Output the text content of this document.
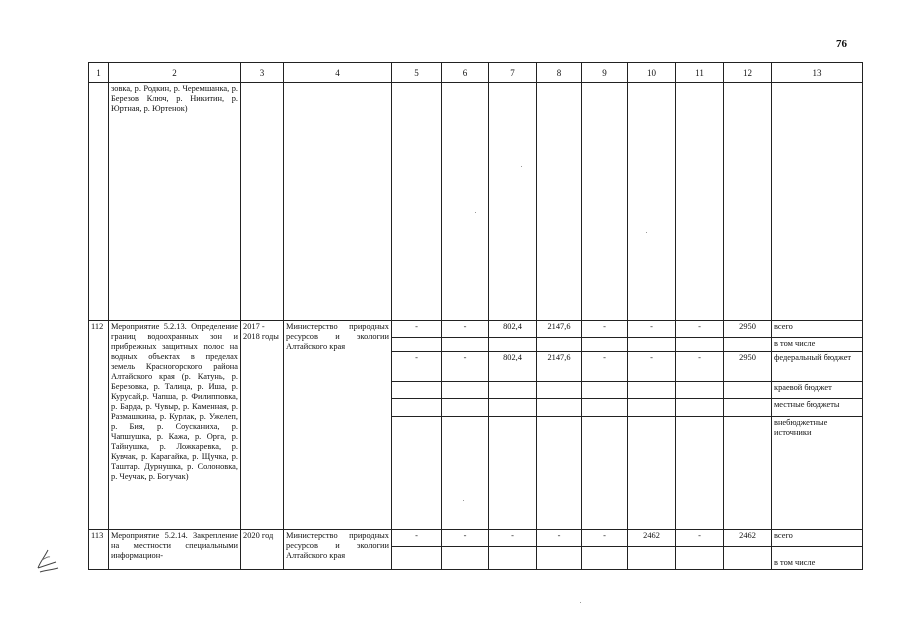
76
1	2	3	4	5	6	7	8	9	10	11	12	13
	зовка, р. Родкин, р. Черемшанка, р. Березов Ключ, р. Никитин, р. Юртная, р. Юртенок)											
112	Мероприятие 5.2.13. Определение границ водоохранных зон и прибрежных защитных полос на водных объектах в пределах земель Красногорского района Алтайского края (р. Катунь, р. Березовка, р. Талица, р. Иша, р. Курусай,р. Чапша, р. Филипповка, р. Барда, р. Чувыр, р. Каменная, р. Размашкина, р. Курлак, р. Ужелеп, р. Бия, р. Соусканиха, р. Чапшушка, р. Кажа, р. Орга, р. Тайнушка, р. Ложкаревка, р. Кувчак, р. Карагайка, р. Щучка, р. Таштар. Дурнушка, р. Солоновка, р. Чеучак, р. Богучак)	2017 - 2018 годы	Министерство природных ресурсов и экологии Алтайского края	-	-	802,4	2147,6	-	-	-	2950	всего
												в том числе
				-	-	802,4	2147,6	-	-	-	2950	федеральный бюджет
												краевой бюджет
												местные бюджеты
												внебюджетные источники
113	Мероприятие 5.2.14. Закрепление на местности специальными информацион-	2020 год	Министерство природных ресурсов и экологии Алтайского края	-	-	-	-	-	2462	-	2462	всего
												в том числе
